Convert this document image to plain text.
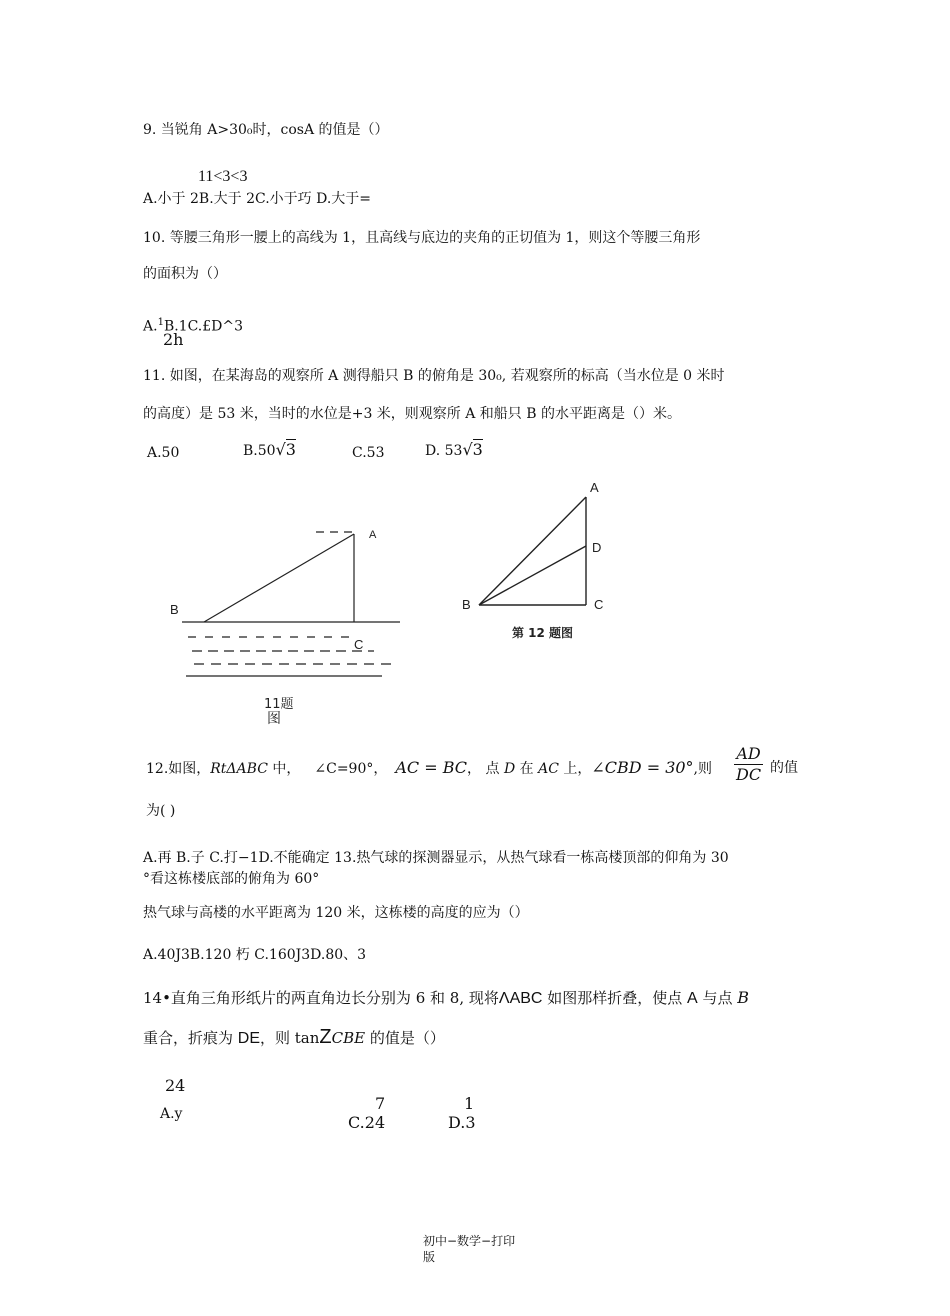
9. 当锐角 A>30₀时，cosA 的值是（）
11<3<3
A.小于 2B.大于 2C.小于巧 D.大于=
10. 等腰三角形一腰上的高线为 1，且高线与底边的夹角的正切值为 1，则这个等腰三角形
的面积为（）
A.$^1$B.1C.£D^3
2h
11. 如图，在某海岛的观察所 A 测得船只 B 的俯角是 30₀, 若观察所的标高（当水位是 0 米时
的高度）是 53 米，当时的水位是+3 米，则观察所 A 和船只 B 的水平距离是（）米。
A.50	B.50√3	C.53	D. 53√3
A
B
C
11题
图
A
D
B	C
第 12 题图
12.如图，RtΔABC 中， ∠C=90°， AC = BC， 点 D 在 AC 上，∠CBD = 30°,则 $\frac{AD}{DC}$ 的值
为( )
A.再 B.子 C.打−1D.不能确定 13.热气球的探测器显示，从热气球看一栋高楼顶部的仰角为 30
°看这栋楼底部的俯角为 60°
热气球与高楼的水平距离为 120 米，这栋楼的高度的应为（）
A.40J3B.120 朽 C.160J3D.80、3
14•直角三角形纸片的两直角边长分别为 6 和 8, 现将ΛABC 如图那样折叠，使点 A 与点 B
重合，折痕为 DE，则 tanZCBE 的值是（）
24
A.y
7
C.24
1
D.3
初中−数学−打印
版
